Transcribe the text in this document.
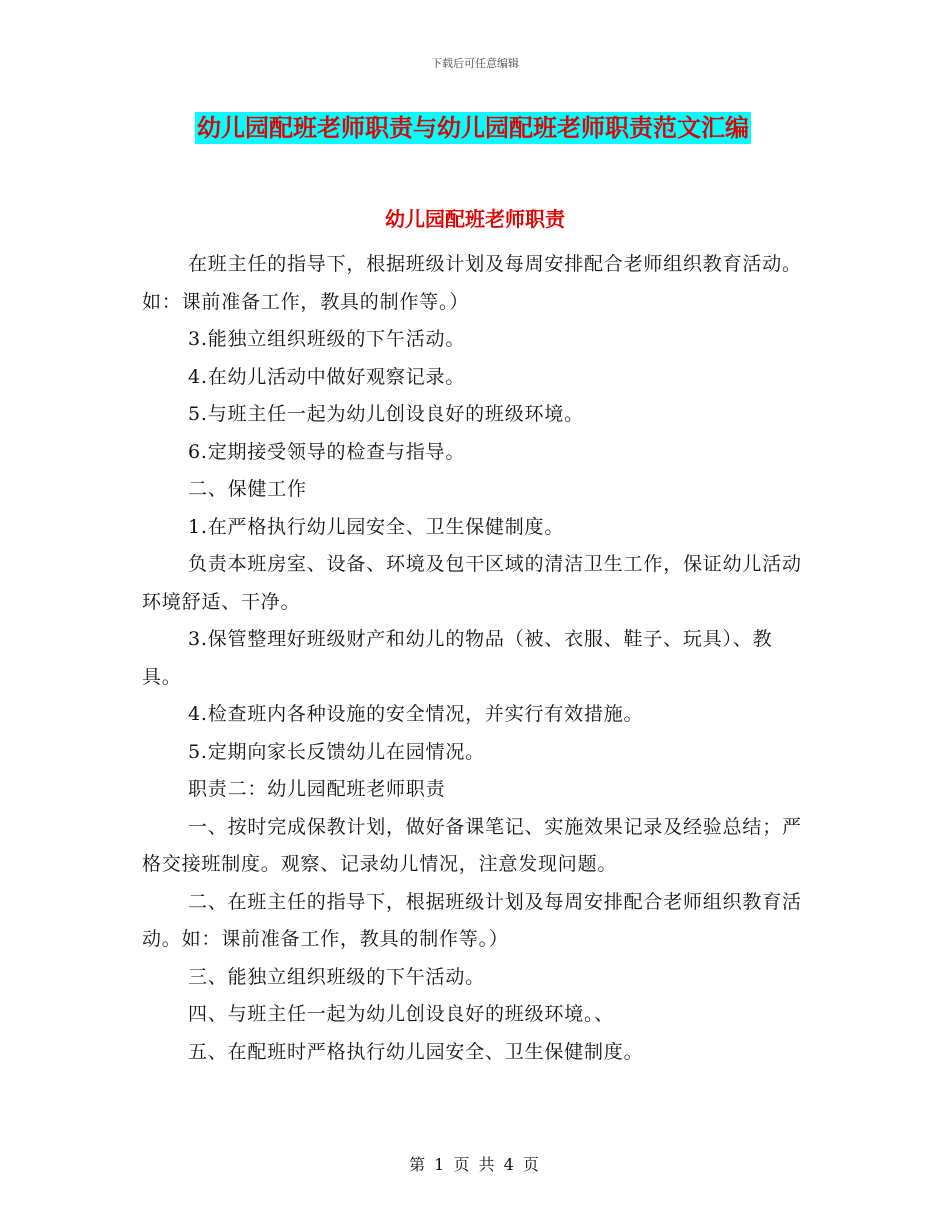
下载后可任意编辑
幼儿园配班老师职责与幼儿园配班老师职责范文汇编
幼儿园配班老师职责

在班主任的指导下，根据班级计划及每周安排配合老师组织教育活动。如：课前准备工作，教具的制作等。）

3.能独立组织班级的下午活动。

4.在幼儿活动中做好观察记录。

5.与班主任一起为幼儿创设良好的班级环境。

6.定期接受领导的检查与指导。

二、保健工作

1.在严格执行幼儿园安全、卫生保健制度。

负责本班房室、设备、环境及包干区域的清洁卫生工作，保证幼儿活动环境舒适、干净。

3.保管整理好班级财产和幼儿的物品（被、衣服、鞋子、玩具）、教具。

4.检查班内各种设施的安全情况，并实行有效措施。

5.定期向家长反馈幼儿在园情况。

职责二：幼儿园配班老师职责

一、按时完成保教计划，做好备课笔记、实施效果记录及经验总结；严格交接班制度。观察、记录幼儿情况，注意发现问题。

二、在班主任的指导下，根据班级计划及每周安排配合老师组织教育活动。如：课前准备工作，教具的制作等。）

三、能独立组织班级的下午活动。

四、与班主任一起为幼儿创设良好的班级环境。、

五、在配班时严格执行幼儿园安全、卫生保健制度。

第 1 页 共 4 页
